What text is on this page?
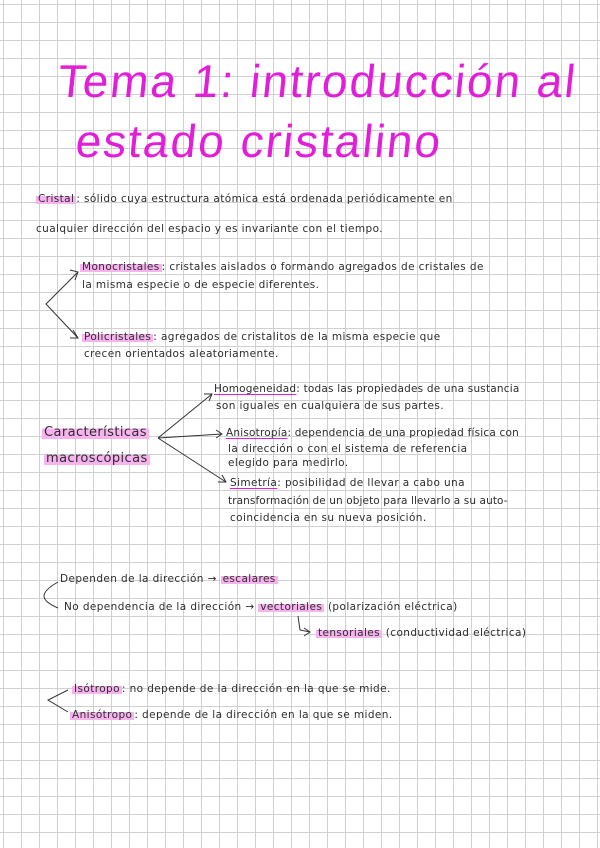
Tema 1: introducción al
estado cristalino
Cristal : sólido cuya estructura atómica está ordenada periódicamente en
cualquier dirección del espacio y es invariante con el tiempo.
Monocristales : cristales aislados o formando agregados de cristales de
la misma especie o de especie diferentes.
Policristales : agregados de cristalitos de la misma especie que
crecen orientados aleatoriamente.
Características
macroscópicas
Homogeneidad: todas las propiedades de una sustancia
son iguales en cualquiera de sus partes.
Anisotropía: dependencia de una propiedad física con
la dirección o con el sistema de referencia
elegido para medirlo.
Simetría: posibilidad de llevar a cabo una
transformación de un objeto para llevarlo a su auto-
coincidencia en su nueva posición.
Dependen de la dirección → escalares
No dependencia de la dirección → vectoriales (polarización eléctrica)
tensoriales (conductividad eléctrica)
Isótropo : no depende de la dirección en la que se mide.
Anisótropo : depende de la dirección en la que se miden.
